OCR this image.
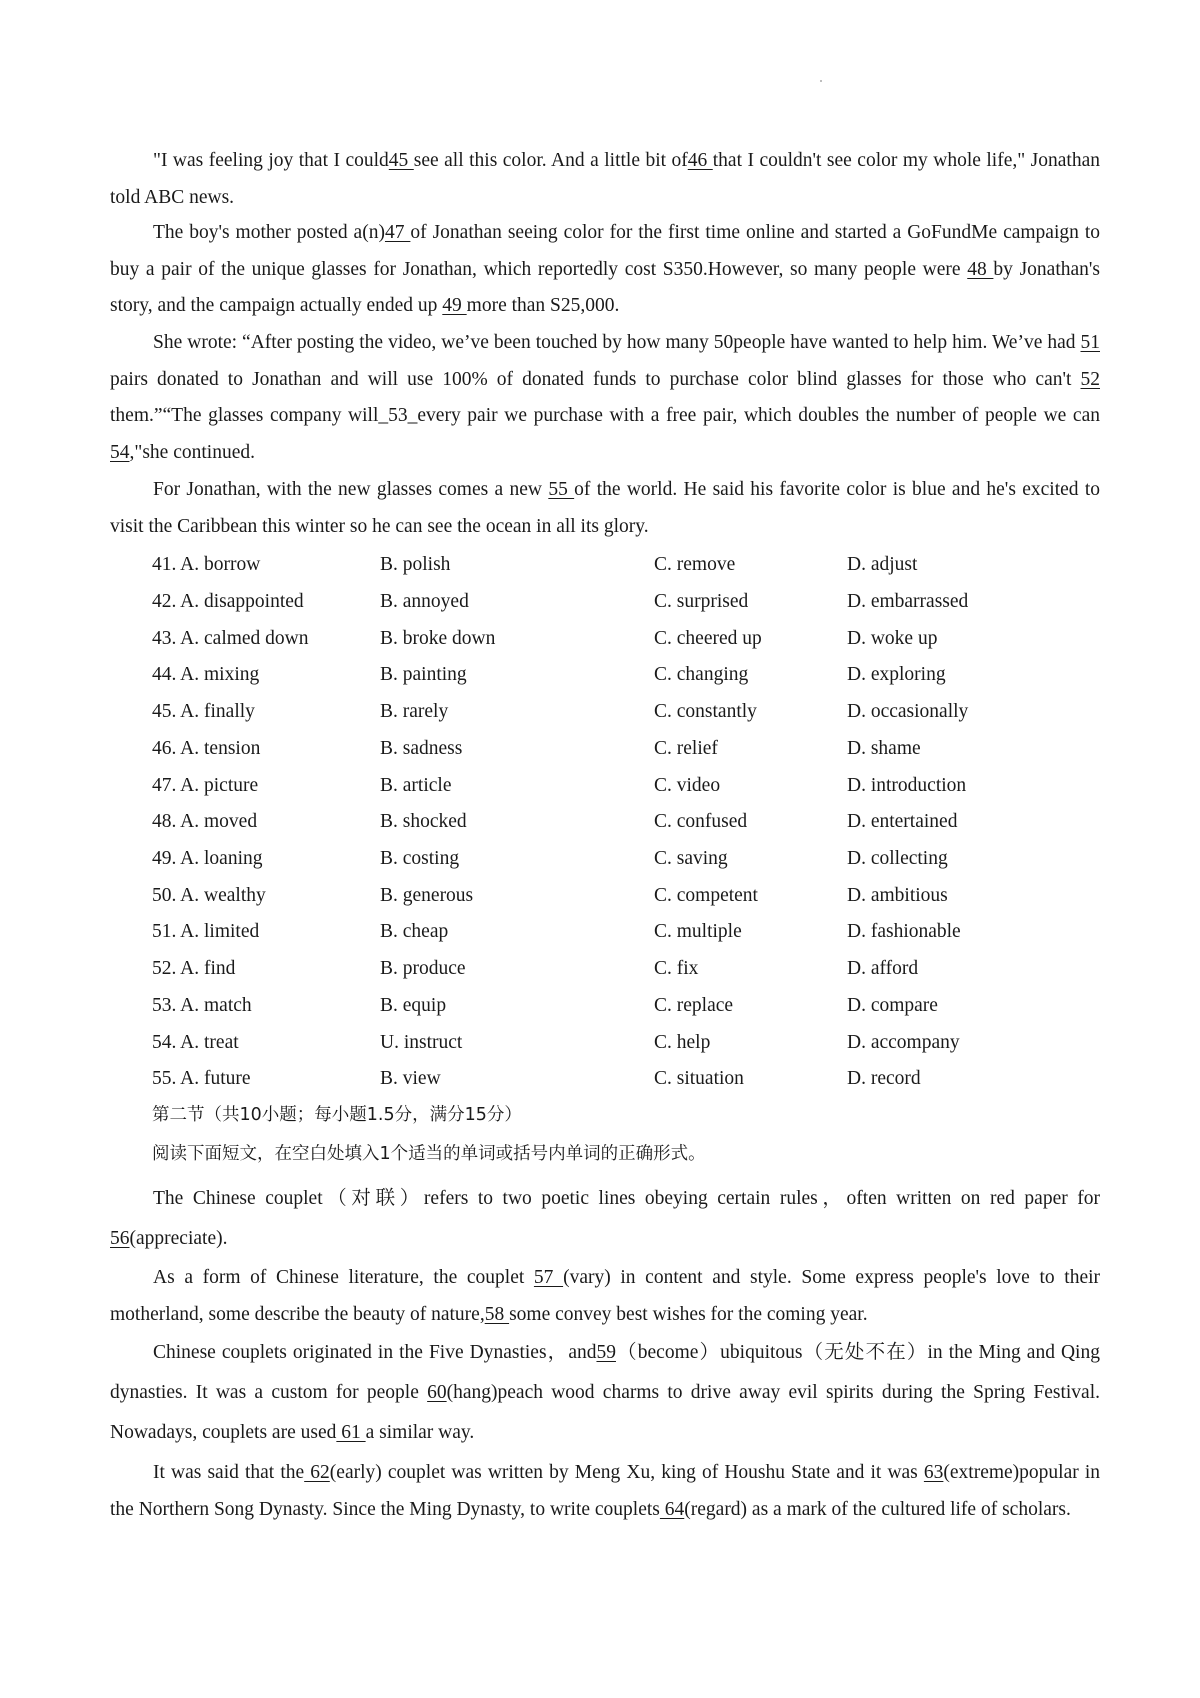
"I was feeling joy that I could45 see all this color. And a little bit of46 that I couldn't see color my whole life," Jonathan told ABC news.

The boy's mother posted a(n)47 of Jonathan seeing color for the first time online and started a GoFundMe campaign to buy a pair of the unique glasses for Jonathan, which reportedly cost S350.However, so many people were 48 by Jonathan's story, and the campaign actually ended up 49 more than S25,000.

She wrote: “After posting the video, we’ve been touched by how many 50people have wanted to help him. We’ve had 51 pairs donated to Jonathan and will use 100% of donated funds to purchase color blind glasses for those who can't 52 them.”“The glasses company will_53_every pair we purchase with a free pair, which doubles the number of people we can 54,"she continued.

For Jonathan, with the new glasses comes a new 55 of the world. He said his favorite color is blue and he's excited to visit the Caribbean this winter so he can see the ocean in all its glory.

41. A. borrow	B. polish	C. remove	D. adjust
42. A. disappointed	B. annoyed	C. surprised	D. embarrassed
43. A. calmed down	B. broke down	C. cheered up	D. woke up
44. A. mixing	B. painting	C. changing	D. exploring
45. A. finally	B. rarely	C. constantly	D. occasionally
46. A. tension	B. sadness	C. relief	D. shame
47. A. picture	B. article	C. video	D. introduction
48. A. moved	B. shocked	C. confused	D. entertained
49. A. loaning	B. costing	C. saving	D. collecting
50. A. wealthy	B. generous	C. competent	D. ambitious
51. A. limited	B. cheap	C. multiple	D. fashionable
52. A. find	B. produce	C. fix	D. afford
53. A. match	B. equip	C. replace	D. compare
54. A. treat	U. instruct	C. help	D. accompany
55. A. future	B. view	C. situation	D. record
第二节（共10小题；每小题1.5分，满分15分）
阅读下面短文，在空白处填入1个适当的单词或括号内单词的正确形式。

The Chinese couplet（对联）refers to two poetic lines obeying certain rules，often written on red paper for 56(appreciate).

As a form of Chinese literature, the couplet 57 (vary) in content and style. Some express people's love to their motherland, some describe the beauty of nature,58 some convey best wishes for the coming year.

Chinese couplets originated in the Five Dynasties，and59（become）ubiquitous（无处不在）in the Ming and Qing dynasties. It was a custom for people 60(hang)peach wood charms to drive away evil spirits during the Spring Festival. Nowadays, couplets are used 61 a similar way.

It was said that the 62(early) couplet was written by Meng Xu, king of Houshu State and it was 63(extreme)popular in the Northern Song Dynasty. Since the Ming Dynasty, to write couplets 64(regard) as a mark of the cultured life of scholars.
